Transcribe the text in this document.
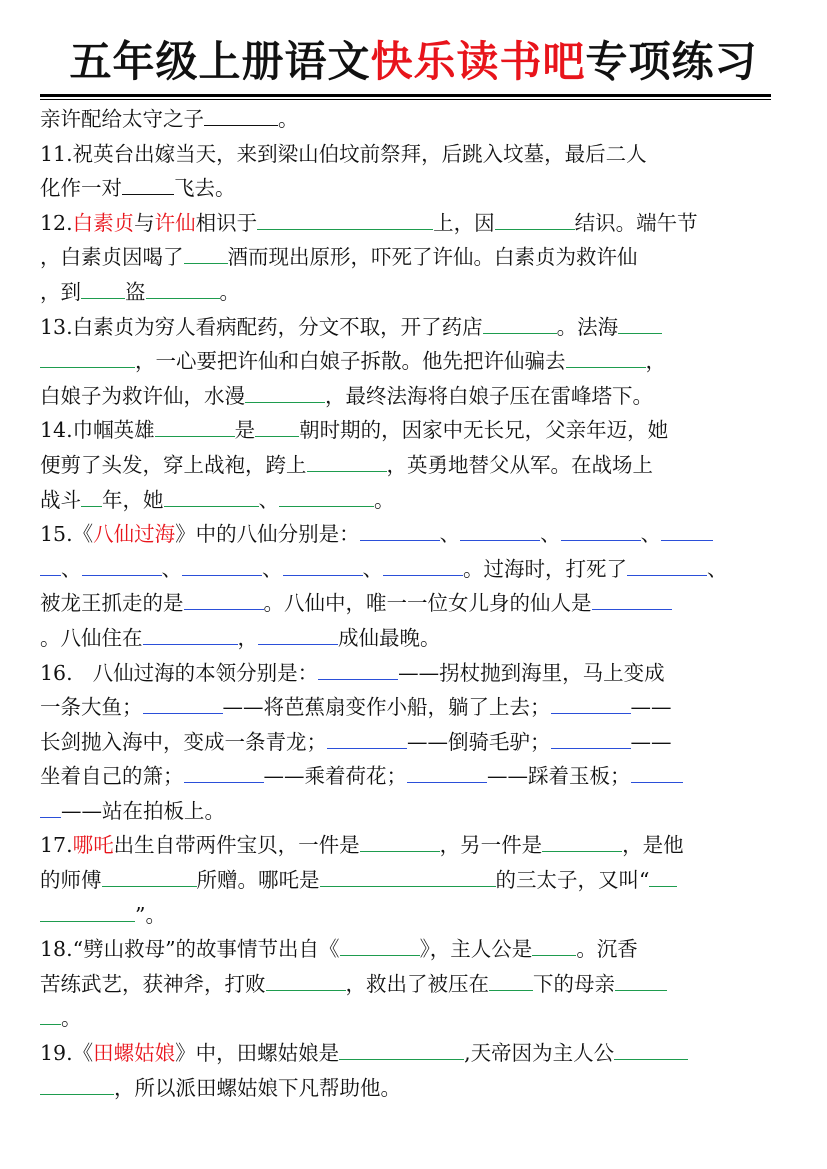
五年级上册语文快乐读书吧专项练习
亲许配给太守之子	。
11.祝英台出嫁当天，来到梁山伯坟前祭拜，后跳入坟墓，最后二人
化作一对	飞去。
12.白素贞与许仙相识于	上，因	结识。端午节
，白素贞因喝了 酒而现出原形，吓死了许仙。白素贞为救许仙
，到 盗	。
13.白素贞为穷人看病配药，分文不取，开了药店	。法海
，一心要把许仙和白娘子拆散。他先把许仙骗去	，
白娘子为救许仙，水漫	，最终法海将白娘子压在雷峰塔下。
14.巾帼英雄	是 朝时期的，因家中无长兄，父亲年迈，她
便剪了头发，穿上战袍，跨上	，英勇地替父从军。在战场上
战斗 年，她	、	。
15.《八仙过海》中的八仙分别是：	、	、	、
、	、	、	、	。过海时，打死了	、
被龙王抓走的是	。八仙中，唯一一位女儿身的仙人是
。八仙住在	，	成仙最晚。
16. 八仙过海的本领分别是：	——拐杖抛到海里，马上变成
一条大鱼；	——将芭蕉扇变作小船，躺了上去；	——
长剑抛入海中，变成一条青龙；	——倒骑毛驴；	——
坐着自己的箫；	——乘着荷花；	——踩着玉板；
——站在拍板上。
17.哪吒出生自带两件宝贝，一件是	，另一件是	，是他
的师傅	所赠。哪吒是	的三太子，又叫“
”。
18.“劈山救母”的故事情节出自《	》，主人公是 。沉香
苦练武艺，获神斧，打败	，救出了被压在 下的母亲
。
19.《田螺姑娘》中，田螺姑娘是	,天帝因为主人公
，所以派田螺姑娘下凡帮助他。
